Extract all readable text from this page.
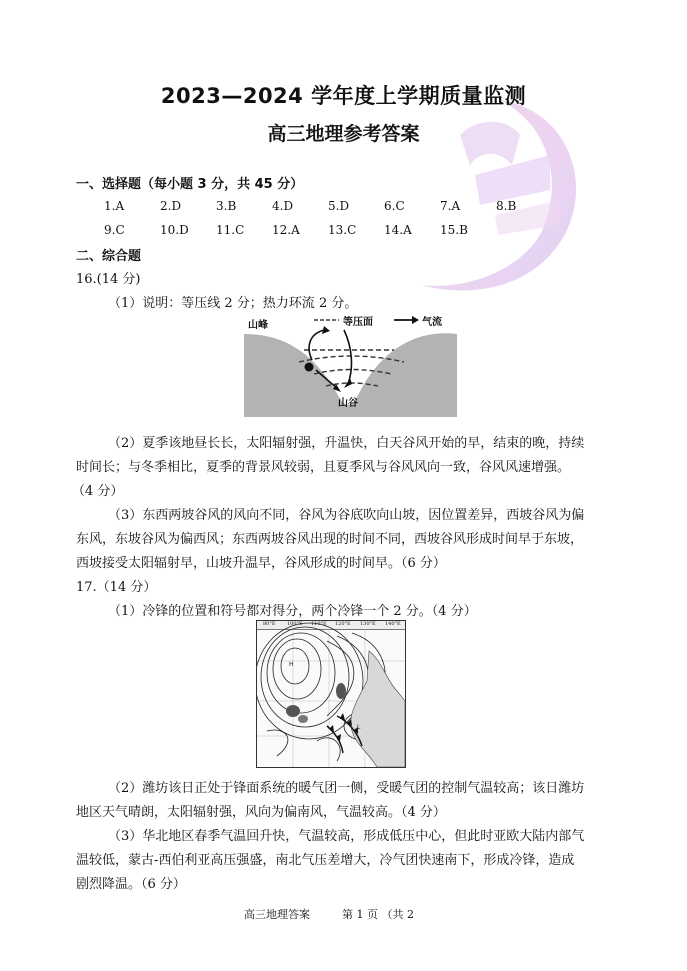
2023—2024 学年度上学期质量监测
高三地理参考答案
一、选择题（每小题 3 分，共 45 分）
1.A	2.D	3.B	4.D	5.D	6.C	7.A	8.B
9.C	10.D 11.C 12.A 13.C 14.A 15.B
二、综合题
16.(14 分)
（1）说明：等压线 2 分；热力环流 2 分。
山峰	等压面	气流
山谷
（2）夏季该地昼长长，太阳辐射强，升温快，白天谷风开始的早，结束的晚，持续
时间长；与冬季相比，夏季的背景风较弱，且夏季风与谷风风向一致，谷风风速增强。
（4 分）
（3）东西两坡谷风的风向不同，谷风为谷底吹向山坡，因位置差异，西坡谷风为偏
东风，东坡谷风为偏西风；东西两坡谷风出现的时间不同，西坡谷风形成时间早于东坡，
西坡接受太阳辐射早，山坡升温早，谷风形成的时间早。（6 分）
17.（14 分）
（1）冷锋的位置和符号都对得分，两个冷锋一个 2 分。（4 分）
80°E 100°E 110°E 120°E 130°E 140°E
H
L
（2）潍坊该日正处于锋面系统的暖气团一侧，受暖气团的控制气温较高；该日潍坊
地区天气晴朗，太阳辐射强，风向为偏南风，气温较高。（4 分）
（3）华北地区春季气温回升快，气温较高，形成低压中心，但此时亚欧大陆内部气
温较低，蒙古-西伯利亚高压强盛，南北气压差增大，冷气团快速南下，形成冷锋，造成
剧烈降温。（6 分）
高三地理答案	第 1 页 （共 2
